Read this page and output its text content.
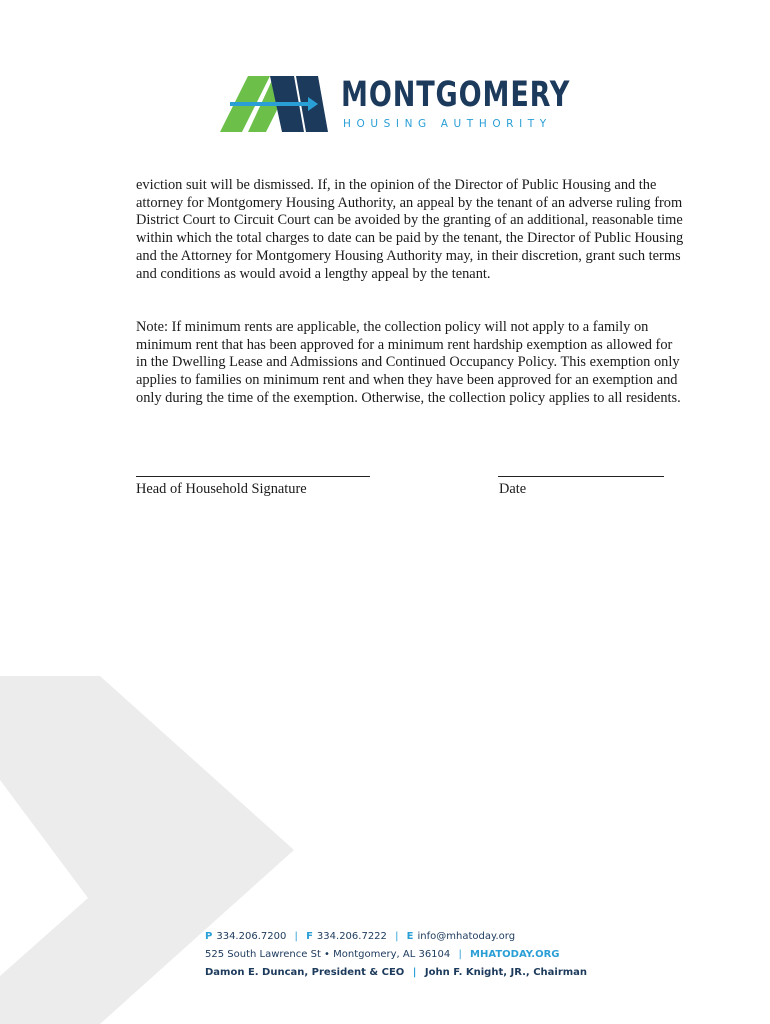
MONTGOMERY
HOUSING AUTHORITY

eviction suit will be dismissed. If, in the opinion of the Director of Public Housing and the attorney for Montgomery Housing Authority, an appeal by the tenant of an adverse ruling from District Court to Circuit Court can be avoided by the granting of an additional, reasonable time within which the total charges to date can be paid by the tenant, the Director of Public Housing and the Attorney for Montgomery Housing Authority may, in their discretion, grant such terms and conditions as would avoid a lengthy appeal by the tenant.

Note: If minimum rents are applicable, the collection policy will not apply to a family on minimum rent that has been approved for a minimum rent hardship exemption as allowed for in the Dwelling Lease and Admissions and Continued Occupancy Policy. This exemption only applies to families on minimum rent and when they have been approved for an exemption and only during the time of the exemption. Otherwise, the collection policy applies to all residents.

Head of Household Signature	Date
P 334.206.7200 | F 334.206.7222 | E info@mhatoday.org
525 South Lawrence St • Montgomery, AL 36104 | MHATODAY.ORG
Damon E. Duncan, President & CEO | John F. Knight, JR., Chairman
